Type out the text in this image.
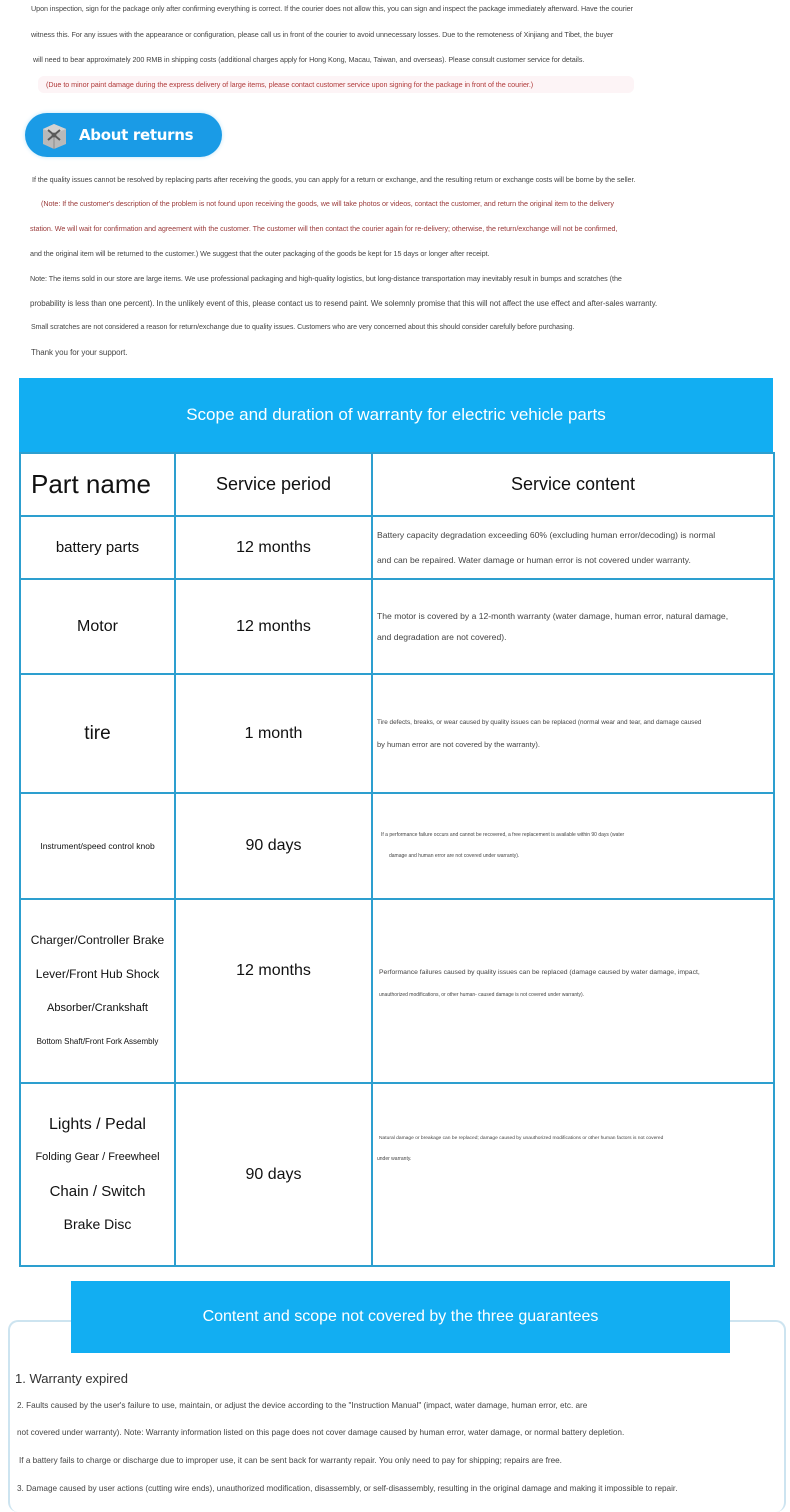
Upon inspection, sign for the package only after confirming everything is correct. If the courier does not allow this, you can sign and inspect the package immediately afterward. Have the courier
witness this. For any issues with the appearance or configuration, please call us in front of the courier to avoid unnecessary losses. Due to the remoteness of Xinjiang and Tibet, the buyer
will need to bear approximately 200 RMB in shipping costs (additional charges apply for Hong Kong, Macau, Taiwan, and overseas). Please consult customer service for details.
(Due to minor paint damage during the express delivery of large items, please contact customer service upon signing for the package in front of the courier.)
About returns
If the quality issues cannot be resolved by replacing parts after receiving the goods, you can apply for a return or exchange, and the resulting return or exchange costs will be borne by the seller.
(Note: If the customer's description of the problem is not found upon receiving the goods, we will take photos or videos, contact the customer, and return the original item to the delivery
station. We will wait for confirmation and agreement with the customer. The customer will then contact the courier again for re-delivery; otherwise, the return/exchange will not be confirmed,
and the original item will be returned to the customer.) We suggest that the outer packaging of the goods be kept for 15 days or longer after receipt.
Note: The items sold in our store are large items. We use professional packaging and high-quality logistics, but long-distance transportation may inevitably result in bumps and scratches (the
probability is less than one percent). In the unlikely event of this, please contact us to resend paint. We solemnly promise that this will not affect the use effect and after-sales warranty.
Small scratches are not considered a reason for return/exchange due to quality issues. Customers who are very concerned about this should consider carefully before purchasing.
Thank you for your support.
Scope and duration of warranty for electric vehicle parts
Part name	Service period	Service content

battery parts	12 months	Battery capacity degradation exceeding 60% (excluding human error/decoding) is normal
and can be repaired. Water damage or human error is not covered under warranty.

Motor	12 months	The motor is covered by a 12-month warranty (water damage, human error, natural damage,
and degradation are not covered).

tire	1 month	Tire defects, breaks, or wear caused by quality issues can be replaced (normal wear and tear, and damage caused
by human error are not covered by the warranty).

Instrument/speed control knob	90 days	If a performance failure occurs and cannot be recovered, a free replacement is available within 90 days (water
damage and human error are not covered under warranty).

Charger/Controller Brake
Lever/Front Hub Shock
Absorber/Crankshaft
Bottom Shaft/Front Fork Assembly	12 months	Performance failures caused by quality issues can be replaced (damage caused by water damage, impact,
unauthorized modifications, or other human- caused damage is not covered under warranty).

Lights / Pedal
Folding Gear / Freewheel
Chain / Switch
Brake Disc	90 days	Natural damage or breakage can be replaced; damage caused by unauthorized modifications or other human factors is not covered
under warranty.
Content and scope not covered by the three guarantees
1. Warranty expired
2. Faults caused by the user's failure to use, maintain, or adjust the device according to the "Instruction Manual" (impact, water damage, human error, etc. are
not covered under warranty). Note: Warranty information listed on this page does not cover damage caused by human error, water damage, or normal battery depletion.
If a battery fails to charge or discharge due to improper use, it can be sent back for warranty repair. You only need to pay for shipping; repairs are free.
3. Damage caused by user actions (cutting wire ends), unauthorized modification, disassembly, or self-disassembly, resulting in the original damage and making it impossible to repair.
